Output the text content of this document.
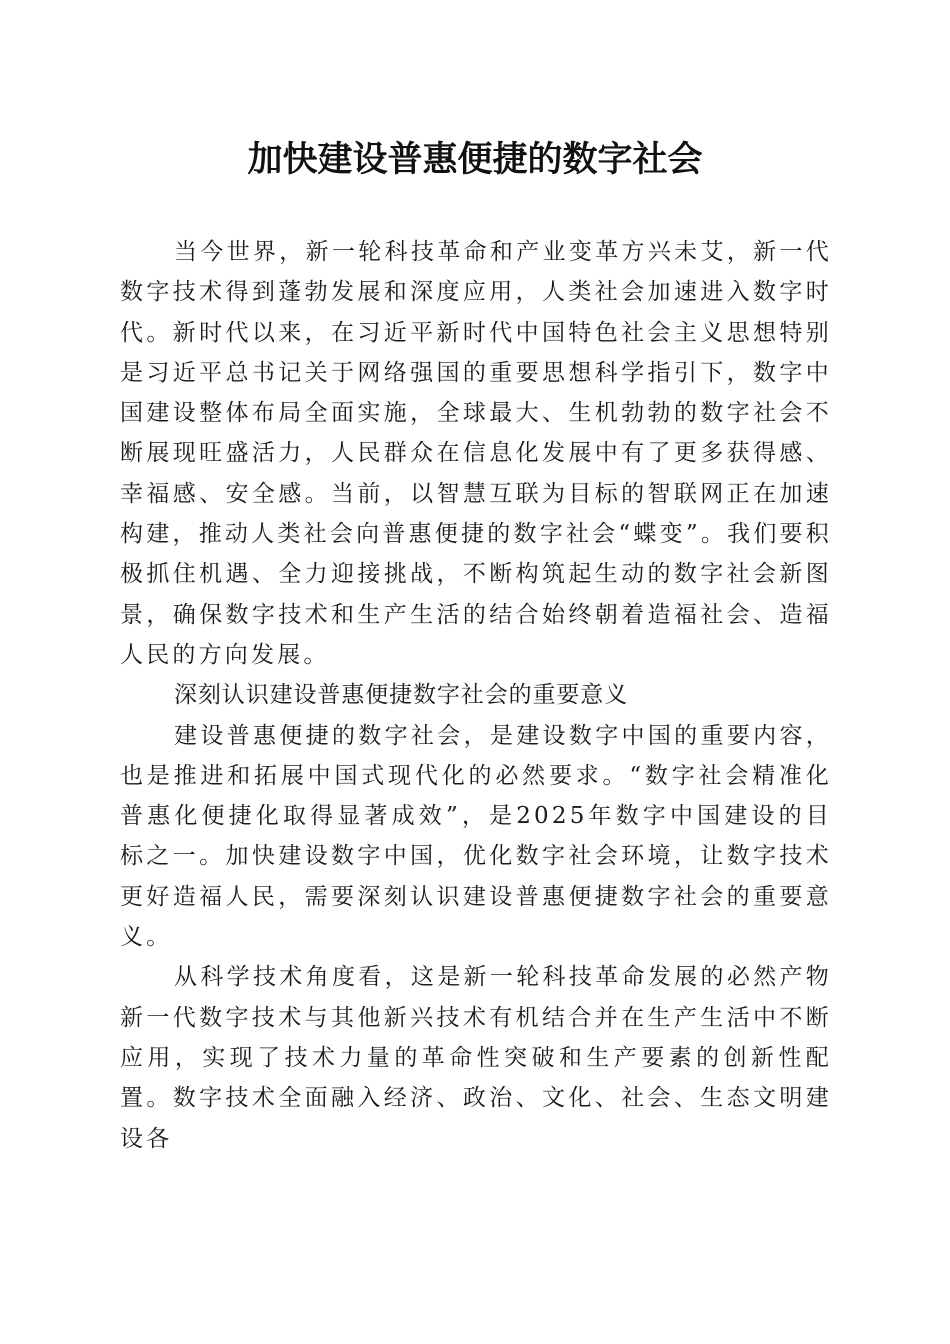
加快建设普惠便捷的数字社会

当今世界，新一轮科技革命和产业变革方兴未艾，新一代数字技术得到蓬勃发展和深度应用，人类社会加速进入数字时代。新时代以来，在习近平新时代中国特色社会主义思想特别是习近平总书记关于网络强国的重要思想科学指引下，数字中国建设整体布局全面实施，全球最大、生机勃勃的数字社会不断展现旺盛活力，人民群众在信息化发展中有了更多获得感、幸福感、安全感。当前，以智慧互联为目标的智联网正在加速构建，推动人类社会向普惠便捷的数字社会“蝶变”。我们要积极抓住机遇、全力迎接挑战，不断构筑起生动的数字社会新图景，确保数字技术和生产生活的结合始终朝着造福社会、造福人民的方向发展。

深刻认识建设普惠便捷数字社会的重要意义

建设普惠便捷的数字社会，是建设数字中国的重要内容，也是推进和拓展中国式现代化的必然要求。“数字社会精准化普惠化便捷化取得显著成效”，是2025年数字中国建设的目标之一。加快建设数字中国，优化数字社会环境，让数字技术更好造福人民，需要深刻认识建设普惠便捷数字社会的重要意义。

从科学技术角度看，这是新一轮科技革命发展的必然产物新一代数字技术与其他新兴技术有机结合并在生产生活中不断应用，实现了技术力量的革命性突破和生产要素的创新性配置。数字技术全面融入经济、政治、文化、社会、生态文明建设各
